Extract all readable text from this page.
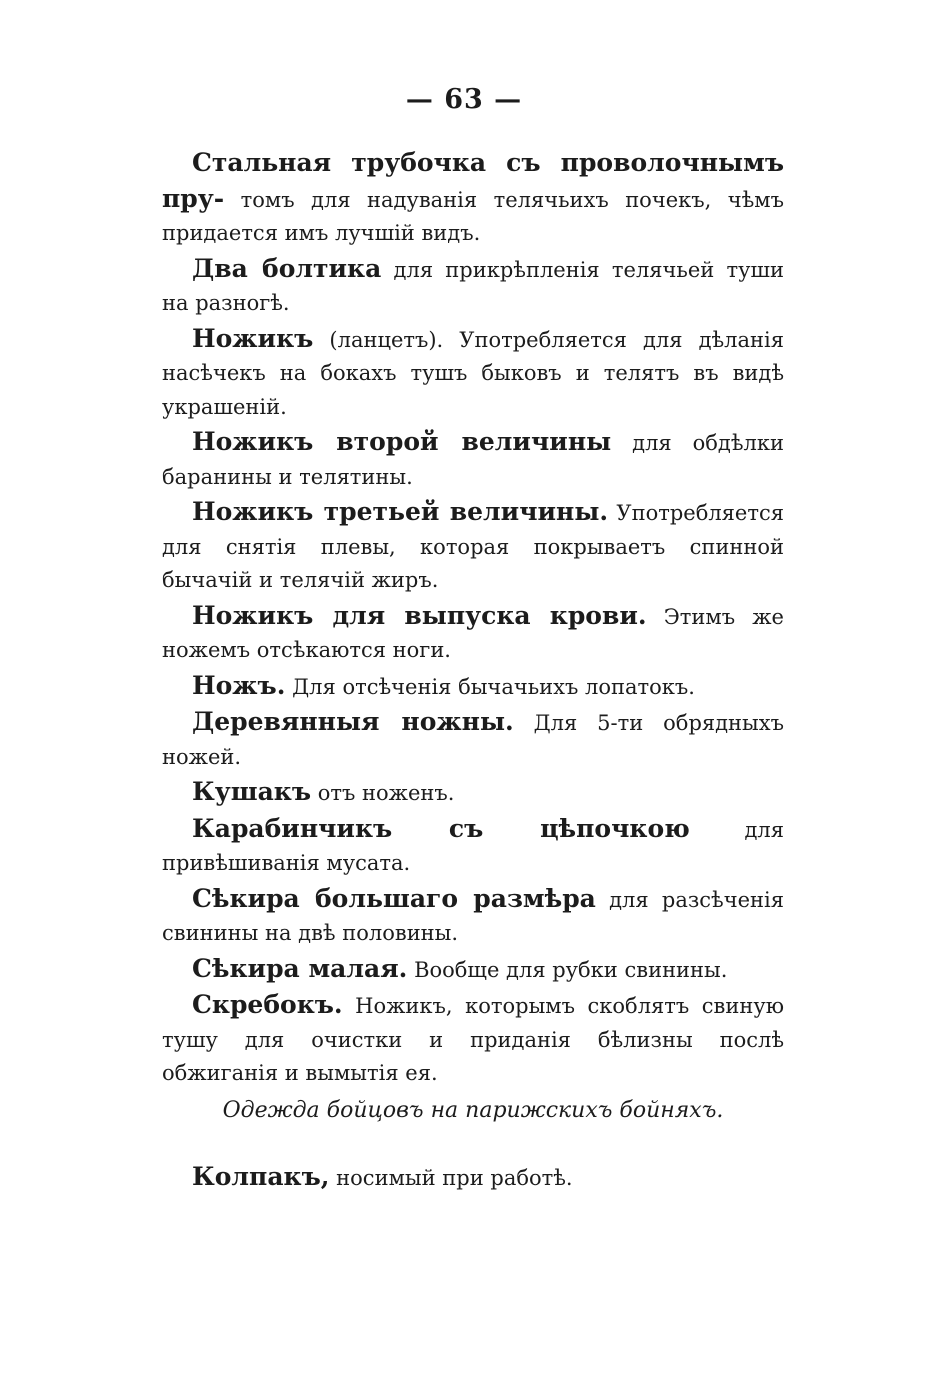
— 63 —

Стальная трубочка съ проволочнымъ пру- томъ для надуванія телячьихъ почекъ, чѣмъ придается имъ лучшій видъ.

Два болтика для прикрѣпленія телячьей туши на разногѣ.

Ножикъ (ланцетъ). Употребляется для дѣланія насѣчекъ на бокахъ тушъ быковъ и телятъ въ видѣ украшеній.

Ножикъ второй величины для обдѣлки баранины и телятины.

Ножикъ третьей величины. Употребляется для снятія плевы, которая покрываетъ спинной бычачій и телячій жиръ.

Ножикъ для выпуска крови. Этимъ же ножемъ отсѣкаются ноги.

Ножъ. Для отсѣченія бычачьихъ лопатокъ.

Деревянныя ножны. Для 5-ти обрядныхъ ножей.

Кушакъ отъ ноженъ.

Карабинчикъ съ цѣпочкою	для привѣшиванія мусата.

Сѣкира большаго размѣра для разсѣченія свинины на двѣ половины.

Сѣкира малая. Вообще для рубки свинины.

Скребокъ. Ножикъ, которымъ скоблятъ свиную тушу для очистки и приданія бѣлизны послѣ обжиганія и вымытія ея.

Одежда бойцовъ на парижскихъ бойняхъ.

Колпакъ, носимый при работѣ.
